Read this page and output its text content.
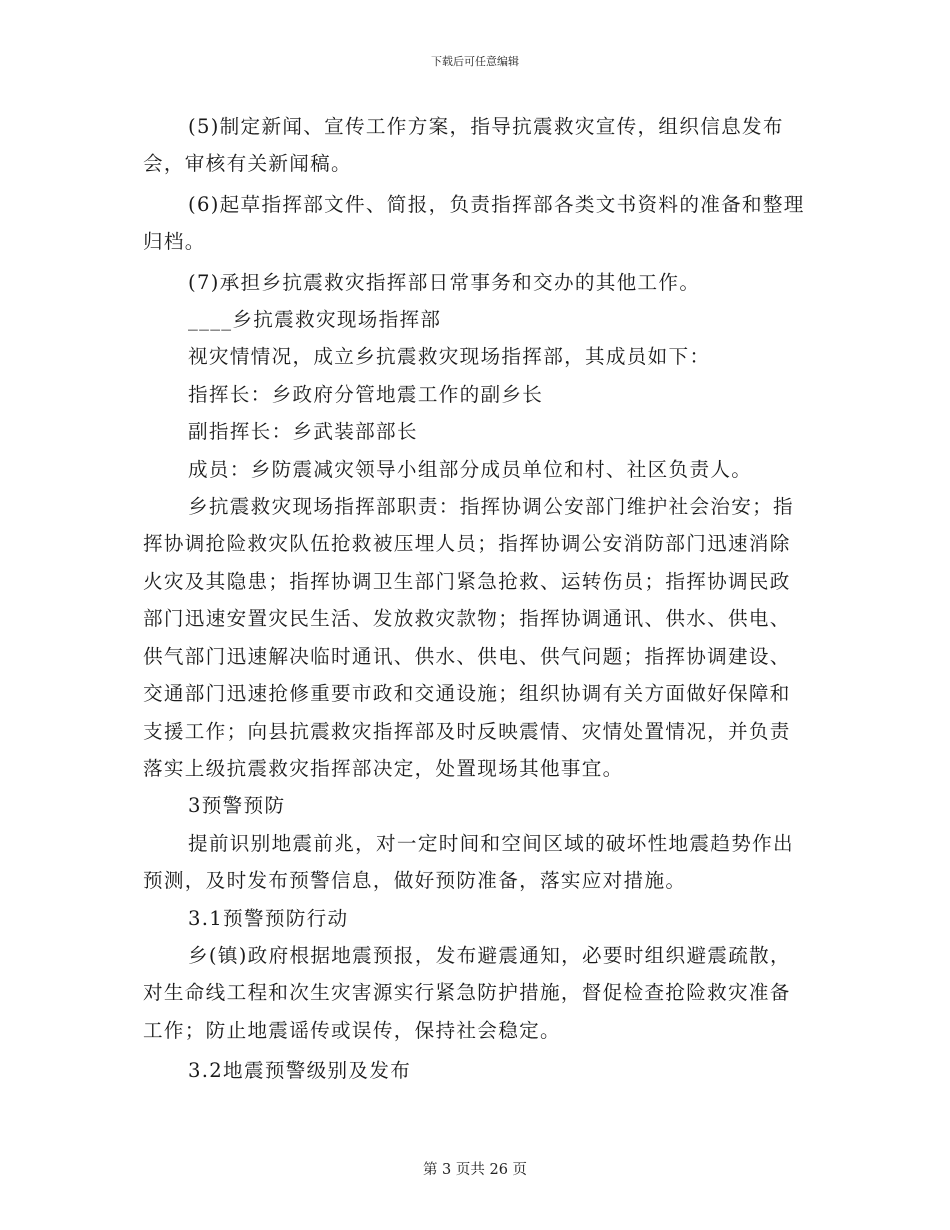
下载后可任意编辑

(5)制定新闻、宣传工作方案，指导抗震救灾宣传，组织信息发布会，审核有关新闻稿。

(6)起草指挥部文件、简报，负责指挥部各类文书资料的准备和整理归档。

(7)承担乡抗震救灾指挥部日常事务和交办的其他工作。

____乡抗震救灾现场指挥部

视灾情情况，成立乡抗震救灾现场指挥部，其成员如下：

指挥长：乡政府分管地震工作的副乡长

副指挥长：乡武装部部长

成员：乡防震减灾领导小组部分成员单位和村、社区负责人。

乡抗震救灾现场指挥部职责：指挥协调公安部门维护社会治安；指挥协调抢险救灾队伍抢救被压埋人员；指挥协调公安消防部门迅速消除火灾及其隐患；指挥协调卫生部门紧急抢救、运转伤员；指挥协调民政部门迅速安置灾民生活、发放救灾款物；指挥协调通讯、供水、供电、供气部门迅速解决临时通讯、供水、供电、供气问题；指挥协调建设、交通部门迅速抢修重要市政和交通设施；组织协调有关方面做好保障和支援工作；向县抗震救灾指挥部及时反映震情、灾情处置情况，并负责落实上级抗震救灾指挥部决定，处置现场其他事宜。

3预警预防

提前识别地震前兆，对一定时间和空间区域的破坏性地震趋势作出预测，及时发布预警信息，做好预防准备，落实应对措施。

3.1预警预防行动

乡(镇)政府根据地震预报，发布避震通知，必要时组织避震疏散，对生命线工程和次生灾害源实行紧急防护措施，督促检查抢险救灾准备工作；防止地震谣传或误传，保持社会稳定。

3.2地震预警级别及发布

第 3 页共 26 页
